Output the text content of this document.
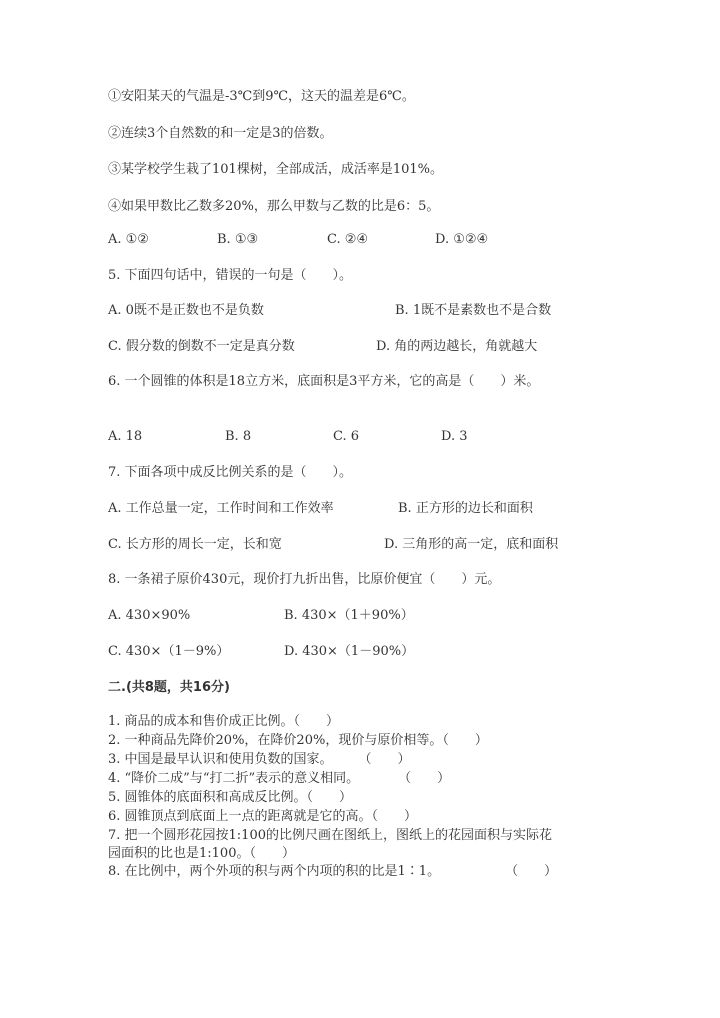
①安阳某天的气温是-3℃到9℃，这天的温差是6℃。
②连续3个自然数的和一定是3的倍数。
③某学校学生栽了101棵树，全部成活，成活率是101%。
④如果甲数比乙数多20%，那么甲数与乙数的比是6：5。
A. ①②	B. ①③	C. ②④	D. ①②④
5. 下面四句话中，错误的一句是（　　）。
A. 0既不是正数也不是负数	B. 1既不是素数也不是合数
C. 假分数的倒数不一定是真分数	D. 角的两边越长，角就越大
6. 一个圆锥的体积是18立方米，底面积是3平方米，它的高是（　　）米。
A. 18	B. 8	C. 6	D. 3
7. 下面各项中成反比例关系的是（　　）。
A. 工作总量一定，工作时间和工作效率	B. 正方形的边长和面积
C. 长方形的周长一定，长和宽	D. 三角形的高一定，底和面积
8. 一条裙子原价430元，现价打九折出售，比原价便宜（　　）元。
A. 430×90%	B. 430×（1＋90%）
C. 430×（1－9%）	D. 430×（1－90%）
二.(共8题，共16分)
1. 商品的成本和售价成正比例。（　　）
2. 一种商品先降价20%，在降价20%，现价与原价相等。（　　）
3. 中国是最早认识和使用负数的国家。　　　（　　）
4. “降价二成”与“打二折”表示的意义相同。　　　　（　　）
5. 圆锥体的底面积和高成反比例。（　　）
6. 圆锥顶点到底面上一点的距离就是它的高。（　　）
7. 把一个圆形花园按1:100的比例尺画在图纸上，图纸上的花园面积与实际花
园面积的比也是1:100。（　　）
8. 在比例中，两个外项的积与两个内项的积的比是1∶1。　　　　　　（　　）
